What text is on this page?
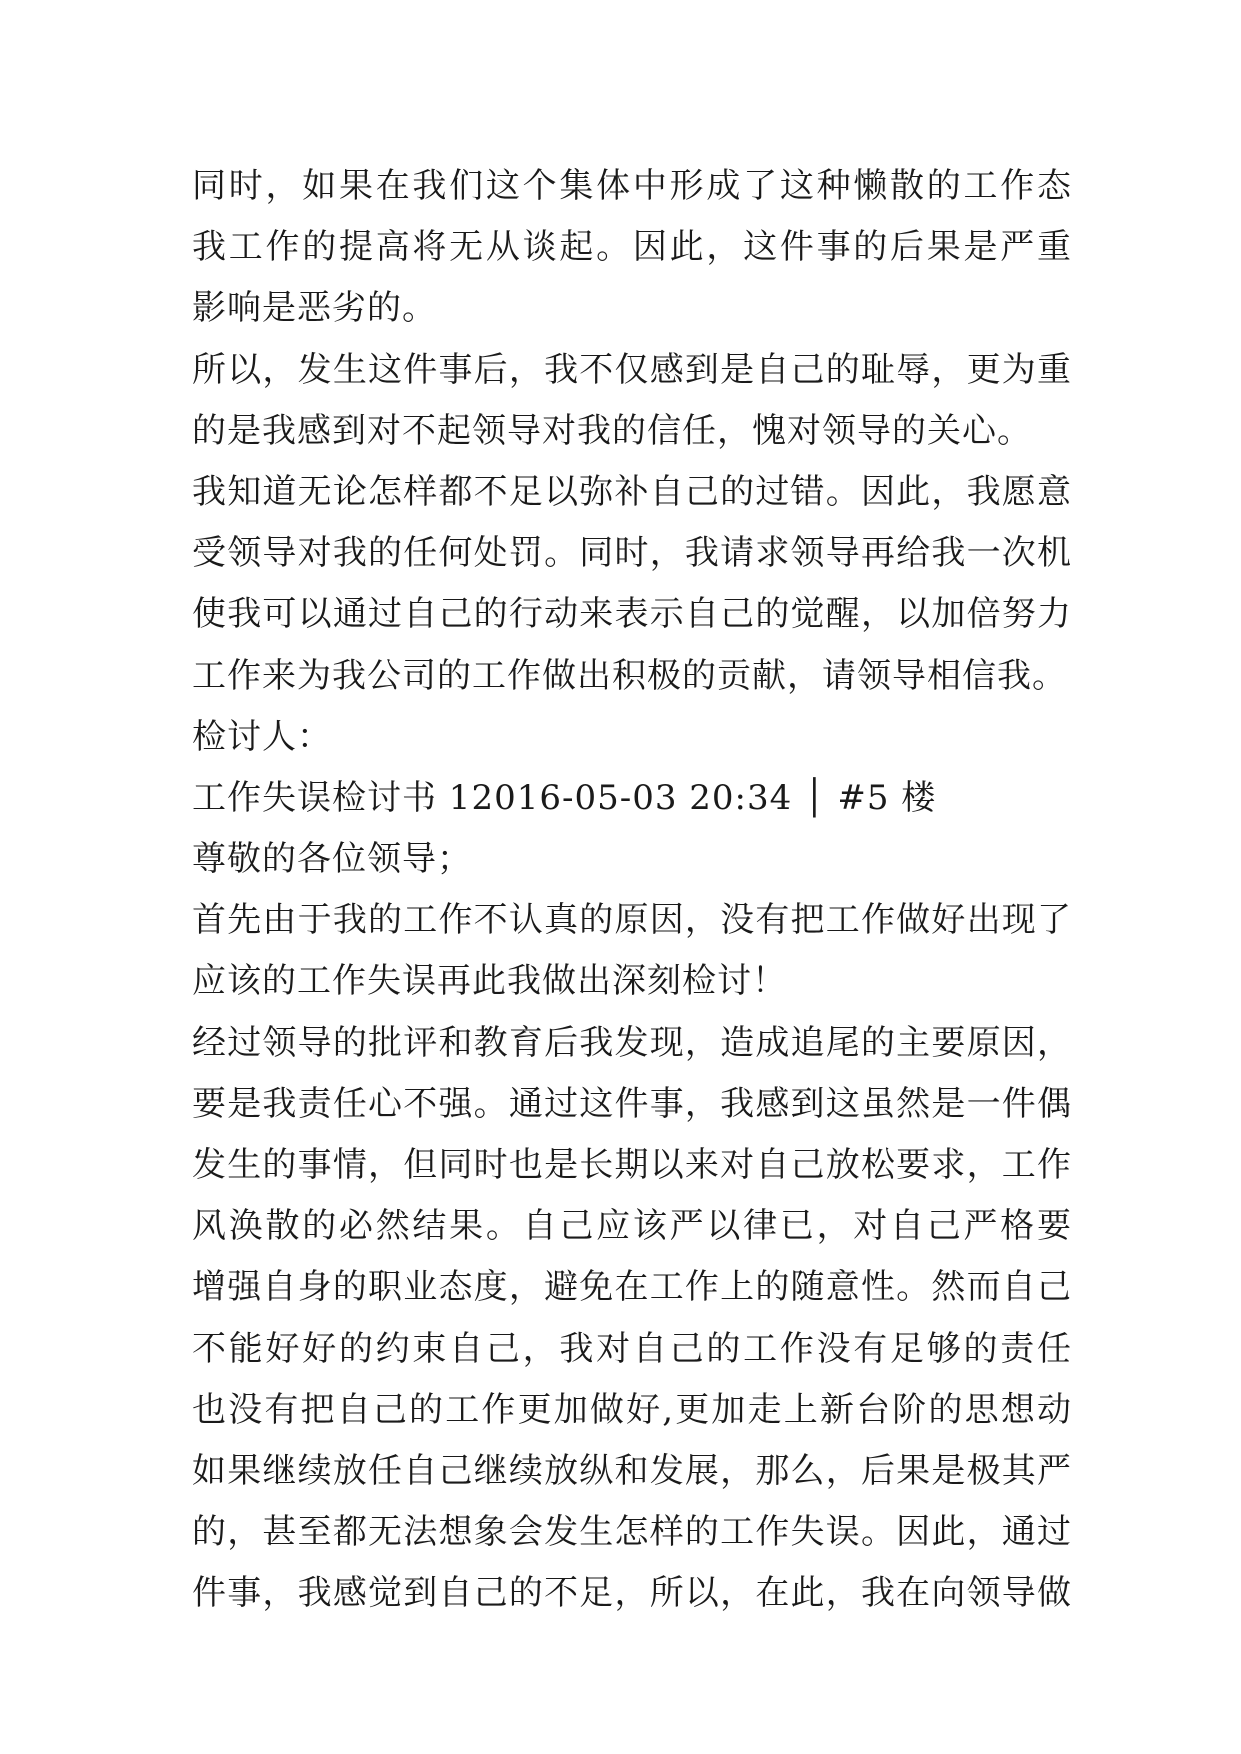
同时，如果在我们这个集体中形成了这种懒散的工作态
我工作的提高将无从谈起。因此，这件事的后果是严重
影响是恶劣的。
所以，发生这件事后，我不仅感到是自己的耻辱，更为重
的是我感到对不起领导对我的信任，愧对领导的关心。
我知道无论怎样都不足以弥补自己的过错。因此，我愿意
受领导对我的任何处罚。同时，我请求领导再给我一次机
使我可以通过自己的行动来表示自己的觉醒，以加倍努力
工作来为我公司的工作做出积极的贡献，请领导相信我。
检讨人：
工作失误检讨书 12016-05-03 20:34 │ #5 楼
尊敬的各位领导；
首先由于我的工作不认真的原因，没有把工作做好出现了
应该的工作失误再此我做出深刻检讨！
经过领导的批评和教育后我发现，造成追尾的主要原因，
要是我责任心不强。通过这件事，我感到这虽然是一件偶
发生的事情，但同时也是长期以来对自己放松要求，工作
风涣散的必然结果。自己应该严以律已，对自己严格要
增强自身的职业态度，避免在工作上的随意性。然而自己
不能好好的约束自己，我对自己的工作没有足够的责任
也没有把自己的工作更加做好,更加走上新台阶的思想动
如果继续放任自己继续放纵和发展，那么，后果是极其严
的，甚至都无法想象会发生怎样的工作失误。因此，通过
件事，我感觉到自己的不足，所以，在此，我在向领导做
